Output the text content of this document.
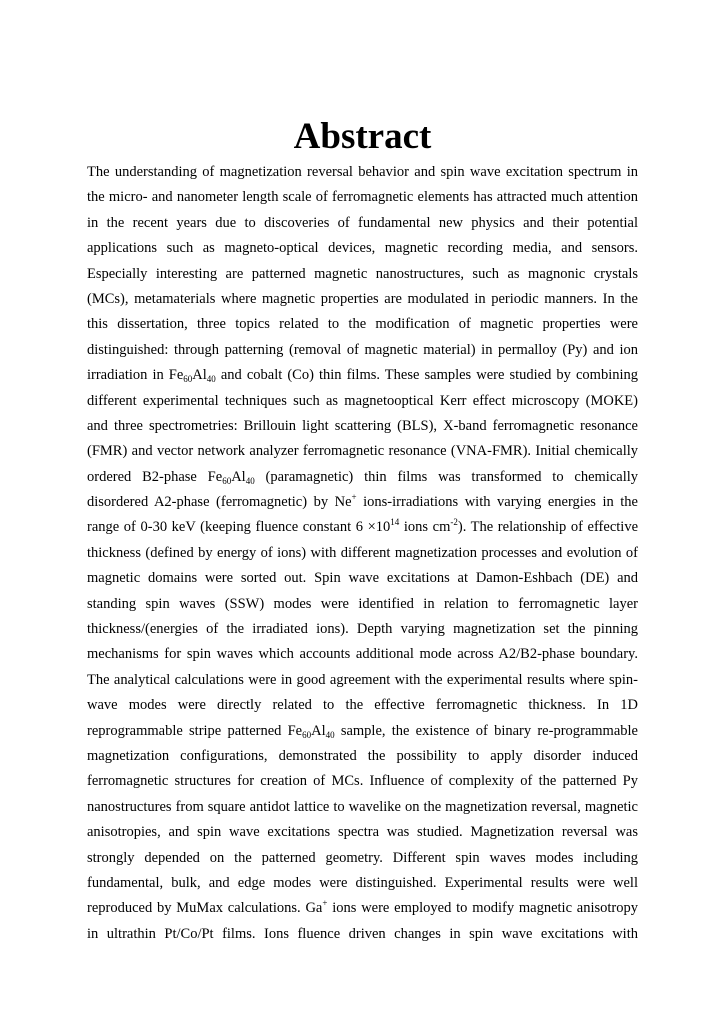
Abstract
The understanding of magnetization reversal behavior and spin wave excitation spectrum in
the micro- and nanometer length scale of ferromagnetic elements has attracted much attention
in the recent years due to discoveries of fundamental new physics and their potential
applications such as magneto-optical devices, magnetic recording media, and sensors.
Especially interesting are patterned magnetic nanostructures, such as magnonic crystals
(MCs), metamaterials where magnetic properties are modulated in periodic manners. In the
this dissertation, three topics related to the modification of magnetic properties were
distinguished: through patterning (removal of magnetic material) in permalloy (Py) and ion
irradiation in $Fe_{60}Al_{40}$ and cobalt (Co) thin films. These samples were studied by combining
different experimental techniques such as magnetooptical Kerr effect microscopy (MOKE)
and three spectrometries: Brillouin light scattering (BLS), X-band ferromagnetic resonance
(FMR) and vector network analyzer ferromagnetic resonance (VNA-FMR). Initial chemically
ordered B2-phase $Fe_{60}Al_{40}$ (paramagnetic) thin films was transformed to chemically
disordered A2-phase (ferromagnetic) by Ne+ ions-irradiations with varying energies in the
range of 0-30 keV (keeping fluence constant $6 \times 10^{14}$ ions $cm^{-2}$). The relationship of effective
thickness (defined by energy of ions) with different magnetization processes and evolution of
magnetic domains were sorted out. Spin wave excitations at Damon-Eshbach (DE) and
standing spin waves (SSW) modes were identified in relation to ferromagnetic layer
thickness/(energies of the irradiated ions). Depth varying magnetization set the pinning
mechanisms for spin waves which accounts additional mode across A2/B2-phase boundary.
The analytical calculations were in good agreement with the experimental results where spin-
wave modes were directly related to the effective ferromagnetic thickness. In 1D
reprogrammable stripe patterned $Fe_{60}Al_{40}$ sample, the existence of binary re-programmable
magnetization configurations, demonstrated the possibility to apply disorder induced
ferromagnetic structures for creation of MCs. Influence of complexity of the patterned Py
nanostructures from square antidot lattice to wavelike on the magnetization reversal, magnetic
anisotropies, and spin wave excitations spectra was studied. Magnetization reversal was
strongly depended on the patterned geometry. Different spin waves modes including
fundamental, bulk, and edge modes were distinguished. Experimental results were well
reproduced by MuMax calculations. Ga+ ions were employed to modify magnetic anisotropy
in ultrathin Pt/Co/Pt films. Ions fluence driven changes in spin wave excitations with
